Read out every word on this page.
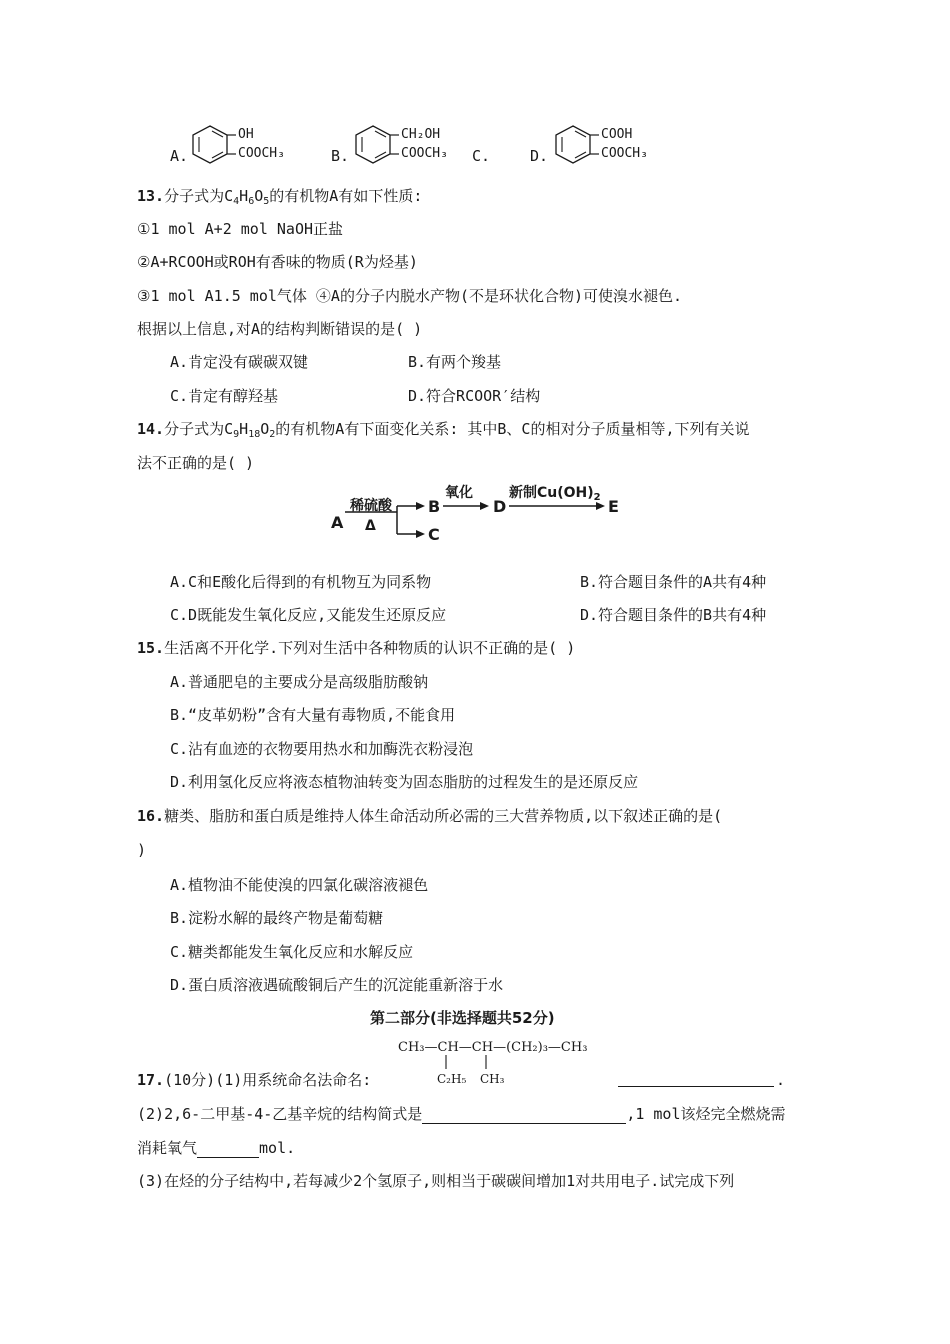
A.
OH
COOCH₃	B.
CH₂OH
COOCH₃ C.	D.
COOH
COOCH₃
13.分子式为$C_4H_6O_5$的有机物A有如下性质:
①1 mol A+2 mol NaOH正盐
②A+RCOOH或ROH有香味的物质(R为烃基)
③1 mol A1.5 mol气体 ④A的分子内脱水产物(不是环状化合物)可使溴水褪色.
根据以上信息,对A的结构判断错误的是( )
A.肯定没有碳碳双键	B.有两个羧基
C.肯定有醇羟基	D.符合RCOOR′结构
14.分子式为$C_9H_{18}O_2$的有机物A有下面变化关系: 其中B、C的相对分子质量相等,下列有关说
法不正确的是( )
A
稀硫酸
Δ
B
C
氧化
D
新制$Cu(OH)_2$ E
A.C和E酸化后得到的有机物互为同系物	B.符合题目条件的A共有4种
C.D既能发生氧化反应,又能发生还原反应	D.符合题目条件的B共有4种
15.生活离不开化学.下列对生活中各种物质的认识不正确的是( )
A.普通肥皂的主要成分是高级脂肪酸钠
B.“皮革奶粉”含有大量有毒物质,不能食用
C.沾有血迹的衣物要用热水和加酶洗衣粉浸泡
D.利用氢化反应将液态植物油转变为固态脂肪的过程发生的是还原反应
16.糖类、脂肪和蛋白质是维持人体生命活动所必需的三大营养物质,以下叙述正确的是(
)
A.植物油不能使溴的四氯化碳溶液褪色
B.淀粉水解的最终产物是葡萄糖
C.糖类都能发生氧化反应和水解反应
D.蛋白质溶液遇硫酸铜后产生的沉淀能重新溶于水
第二部分(非选择题共52分)
CH₃—CH—CH—(CH₂)₃—CH₃
C₂H₅ CH₃
17.(10分)(1)用系统命名法命名:	.
(2)2,6-二甲基-4-乙基辛烷的结构简式是	,1 mol该烃完全燃烧需
消耗氧气	mol.
(3)在烃的分子结构中,若每减少2个氢原子,则相当于碳碳间增加1对共用电子.试完成下列
